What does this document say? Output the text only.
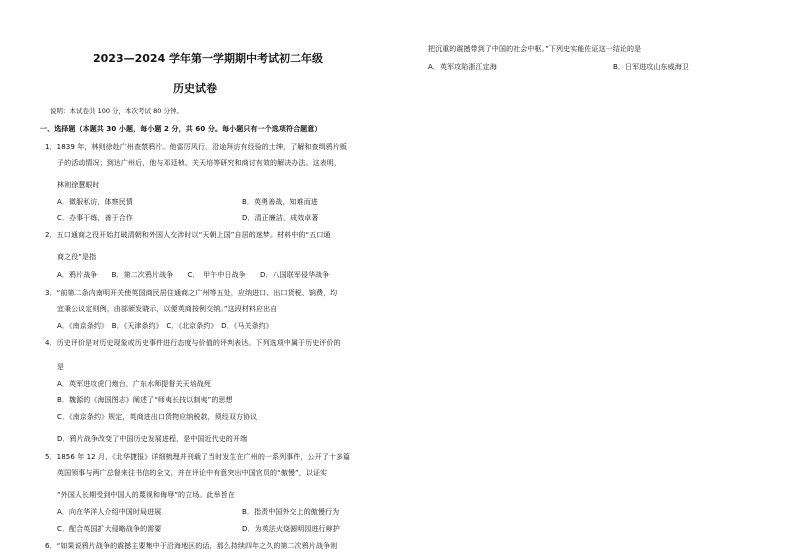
2023—2024 学年第一学期期中考试初二年级
历史试卷
说明：本试卷共 100 分，本次考试 80 分钟。
一、选择题（本题共 30 小题，每小题 2 分，共 60 分。每小题只有一个选项符合题意）
1．1839 年，林则徐赴广州查禁鸦片。他雷厉风行，沿途拜访有经验的士绅，了解和查缉鸦片贩
子的活动情况；到达广州后，他与邓廷桢、关天培等研究和商讨有效的解决办法。这表明，
林则徐慧眼时
A．微服私访，体察民情	B．英勇善战，知难而进
C．办事干练，善于合作	D．清正廉洁，成效卓著
2．五口通商之役开始打破清朝和外国人交涉时以“天朝上国”自居的迷梦。材料中的“五口通
商之役”是指
A．鸦片战争　　B．第二次鸦片战争　　C．　甲午中日战争　　D．八国联军侵华战争
3．“前第二条内南明开关使英国商民居住通商之广州等五处，应纳进口、出口货税、饷费，均
宜秉公议定则例，由部颁发晓示，以便英商按例交纳。”这段材料应出自
A．《南京条约》　B．《天津条约》　C．《北京条约》　D．《马关条约》
4．历史评价是对历史现象或历史事件进行态度与价值的评判表达。下列选项中属于历史评价的
是
A．英军进攻虎门炮台，广东水师提督关天培战死
B．魏源的《海国图志》阐述了“师夷长技以制夷”的思想
C．《南京条约》规定，英商进出口货物应纳税款，须经双方协议
D．鸦片战争改变了中国历史发展进程，是中国近代史的开端
5．1856 年 12 月，《北华捷报》详细梳理并刊载了当时发生在广州的一系列事件，公开了十多篇
英国领事与两广总督来往书信的全文，并在评论中有意突出中国官员的“傲慢”，以证实
“外国人长期受到中国人的蔑视和侮辱”的立场。此举旨在
A．向在华洋人介绍中国时局进展	B．指责中国外交上的傲慢行为
C．配合英国扩大侵略战争的需要	D．为英法火烧圆明园进行辩护
6．“如果说鸦片战争的震撼主要集中于沿海地区的话，那么持续四年之久的第二次鸦片战争则
把沉重的震撼带到了中国的社会中枢。”下列史实能佐证这一结论的是
A．英军攻陷浙江定海	B．日军进攻山东威海卫
